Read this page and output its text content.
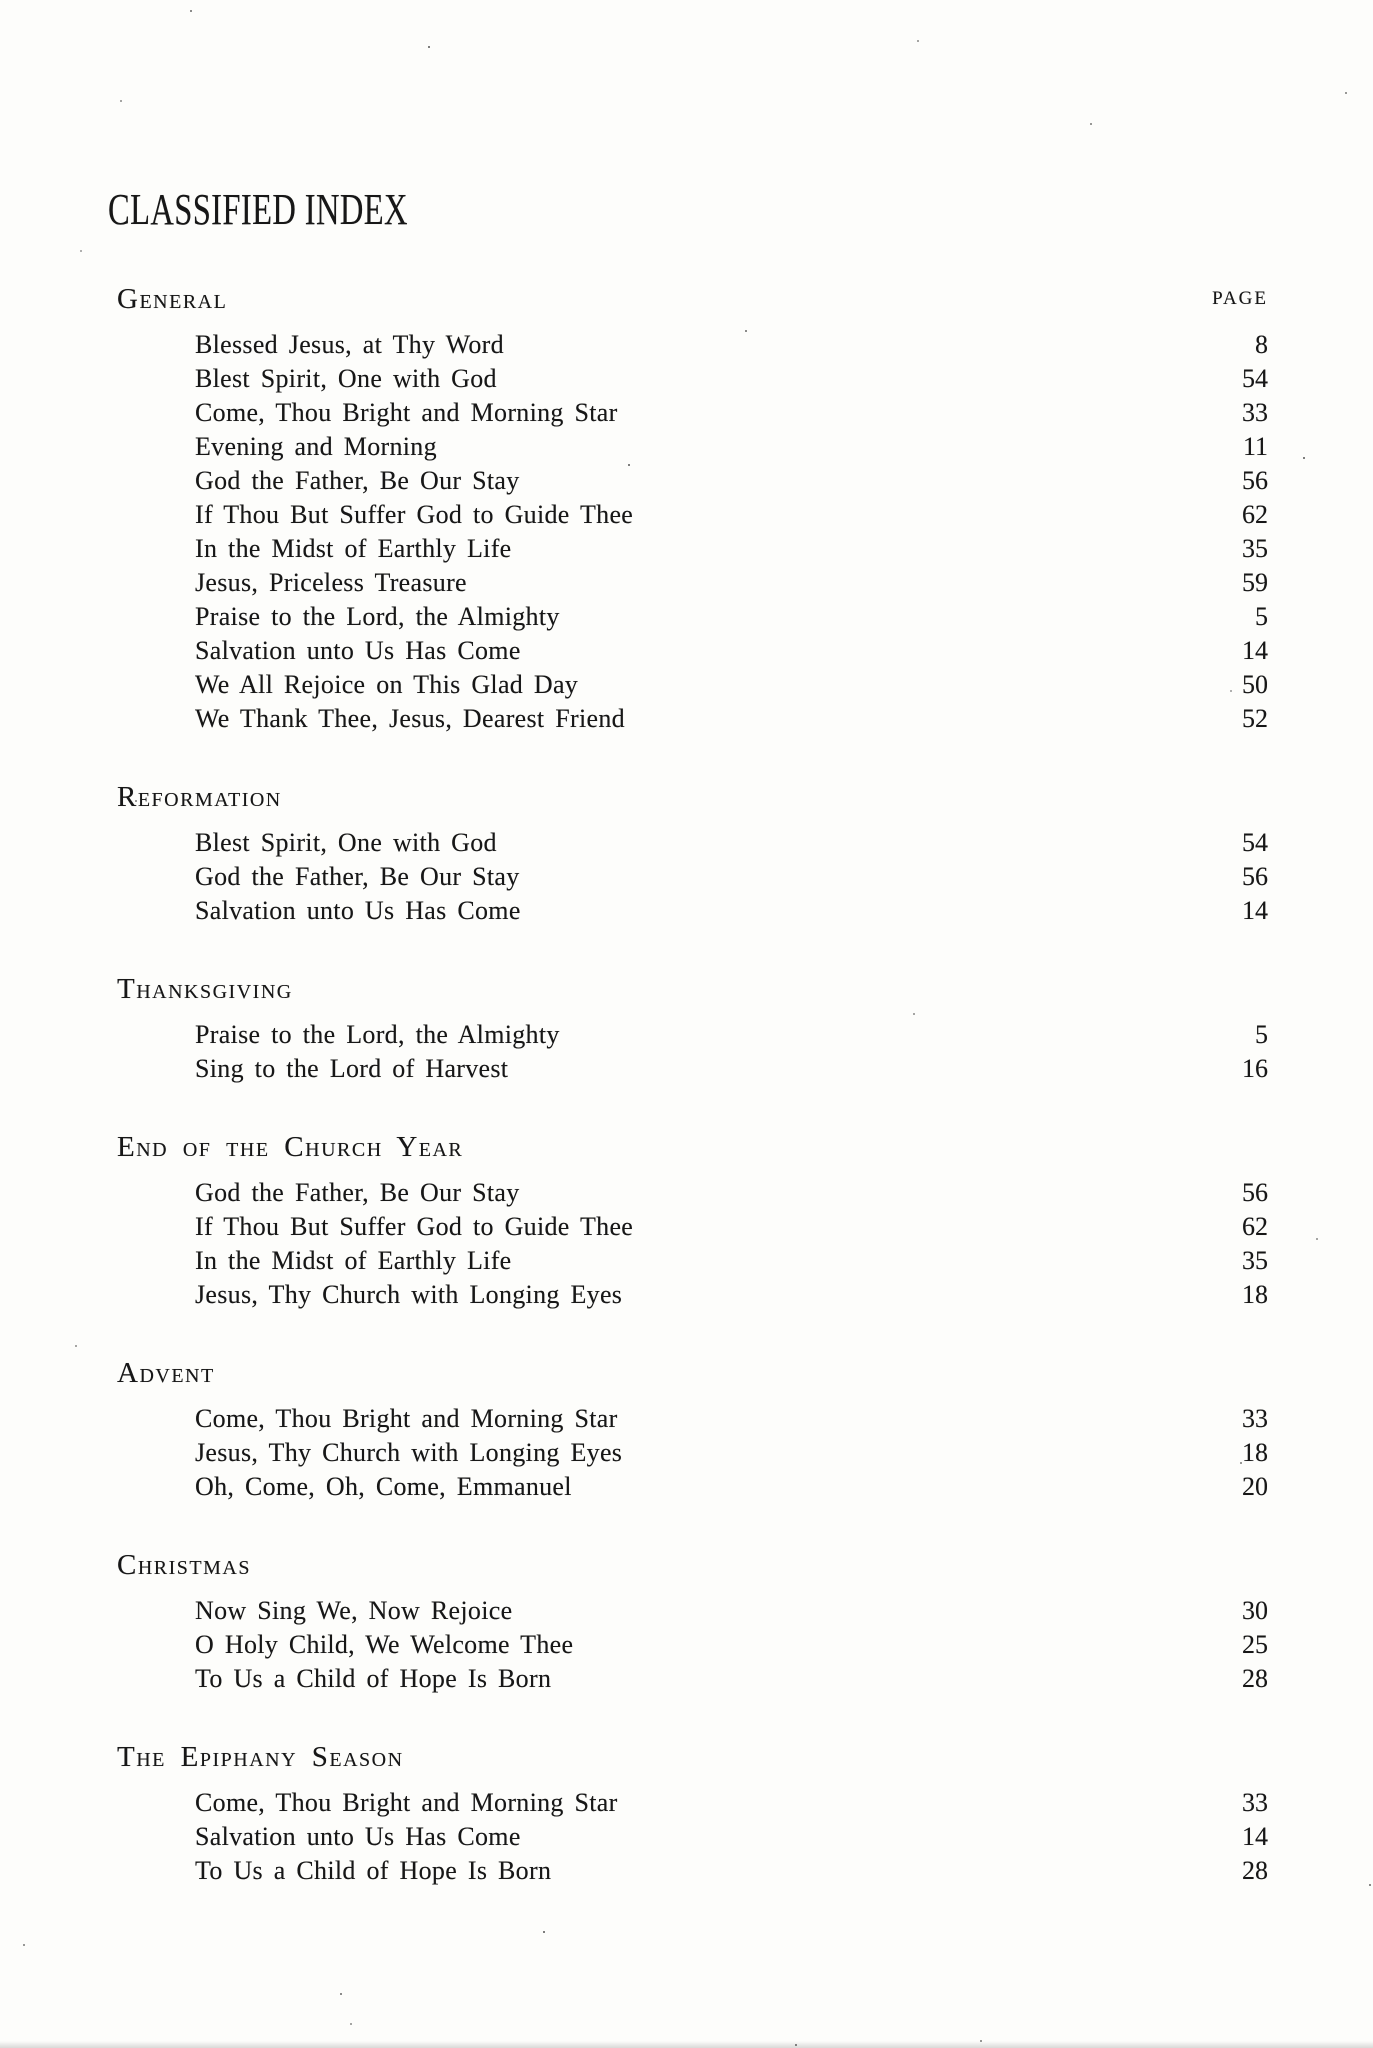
CLASSIFIED INDEX
General	PAGE
Blessed Jesus, at Thy Word	8
Blest Spirit, One with God	54
Come, Thou Bright and Morning Star	33
Evening and Morning	11
God the Father, Be Our Stay	56
If Thou But Suffer God to Guide Thee	62
In the Midst of Earthly Life	35
Jesus, Priceless Treasure	59
Praise to the Lord, the Almighty	5
Salvation unto Us Has Come	14
We All Rejoice on This Glad Day	50
We Thank Thee, Jesus, Dearest Friend	52
Reformation
Blest Spirit, One with God	54
God the Father, Be Our Stay	56
Salvation unto Us Has Come	14
Thanksgiving
Praise to the Lord, the Almighty	5
Sing to the Lord of Harvest	16
End of the Church Year
God the Father, Be Our Stay	56
If Thou But Suffer God to Guide Thee	62
In the Midst of Earthly Life	35
Jesus, Thy Church with Longing Eyes	18
Advent
Come, Thou Bright and Morning Star	33
Jesus, Thy Church with Longing Eyes	18
Oh, Come, Oh, Come, Emmanuel	20
Christmas
Now Sing We, Now Rejoice	30
O Holy Child, We Welcome Thee	25
To Us a Child of Hope Is Born	28
The Epiphany Season
Come, Thou Bright and Morning Star	33
Salvation unto Us Has Come	14
To Us a Child of Hope Is Born	28
